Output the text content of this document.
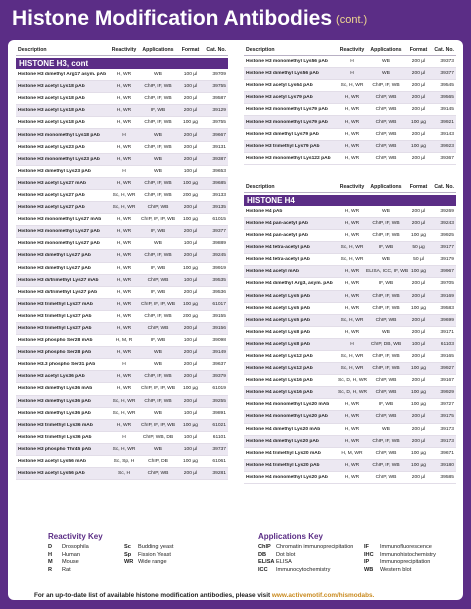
Histone Modification Antibodies (cont.)
Description	Reactivity	Applications	Format	Cat. No.
HISTONE H3, cont
Histone H3 dimethyl Arg17 asym. pAb	H, WR	WB	100 µl	39709
Histone H3 acetyl Lys18 pAb	H, WR	ChIP, IF, WB	100 µl	39755
Histone H3 acetyl Lys18 pAb	H, WR	ChIP, IF, WB	200 µl	39587
Histone H3 acetyl Lys18 pAb	H, WR	IF, WB	200 µl	39129
Histone H3 acetyl Lys18 pAb	H, WR	ChIP, IF, WB	100 µg	39755
Histone H3 monomethyl Lys18 pAb	H	WB	200 µl	39667
Histone H3 acetyl Lys23 pAb	H, WR	ChIP, IF, WB	200 µl	39131
Histone H3 monomethyl Lys23 pAb	H, WR	WB	200 µl	39387
Histone H3 dimethyl Lys23 pAb	H	WB	100 µl	39653
Histone H3 acetyl Lys27 mAb	H, WR	ChIP, IF, WB	100 µg	39685
Histone H3 acetyl Lys27 pAb	Sc, H, WR	ChIP, IF, WB	200 µg	39133
Histone H3 acetyl Lys27 pAb	Sc, H, WR	ChIP, WB	200 µl	39135
Histone H3 monomethyl Lys27 mAb	H, WR	ChIP, IF, IP, WB	100 µg	61015
Histone H3 monomethyl Lys27 pAb	H, WR	IF, WB	200 µl	39377
Histone H3 monomethyl Lys27 pAb	H, WR	WB	100 µl	39889
Histone H3 dimethyl Lys27 pAb	H, WR	ChIP, IF, WB	200 µl	39245
Histone H3 dimethyl Lys27 pAb	H, WR	IF, WB	100 µg	39919
Histone H3 di/trimethyl Lys27 mAb	H, WR	ChIP, WB	100 µl	39535
Histone H3 di/trimethyl Lys27 pAb	H, WR	IF, WB	200 µl	39536
Histone H3 trimethyl Lys27 mAb	H, WR	ChIP, IF, IP, WB	100 µg	61017
Histone H3 trimethyl Lys27 pAb	H, WR	ChIP, IF, WB	200 µg	39155
Histone H3 trimethyl Lys27 pAb	H, WR	ChIP, WB	200 µl	39156
Histone H3 phospho Ser28 mAb	H, M, R	IF, WB	100 µl	39098
Histone H3 phospho Ser28 pAb	H, WR	WB	200 µl	39149
Histone H3.3 phospho Ser31 pAb	H	WB	200 µl	39637
Histone H3 acetyl Lys36 pAb	H, WR	ChIP, IF, WB	200 µl	39379
Histone H3 dimethyl Lys36 mAb	H, WR	ChIP, IF, IP, WB	100 µg	61019
Histone H3 dimethyl Lys36 pAb	Sc, H, WR	ChIP, IF, WB	200 µl	39255
Histone H3 dimethyl Lys36 pAb	Sc, H, WR	WB	100 µl	39891
Histone H3 trimethyl Lys36 mAb	H, WR	ChIP, IF, IP, WB	100 µg	61021
Histone H3 trimethyl Lys36 pAb	H	ChIP, WB, DB	100 µl	61101
Histone H3 phospho Thr45 pAb	Sc, H, WR	WB	100 µl	39737
Histone H3 acetyl Lys56 mAb	Sc, Sp, H	ChIP, DB	100 µg	61061
Histone H3 acetyl Lys56 pAb	Sc, H	ChIP, WB	200 µl	39281
Description	Reactivity	Applications	Format	Cat. No.
Histone H3 monomethyl Lys56 pAb	H	WB	200 µl	39373
Histone H3 dimethyl Lys56 pAb	H	WB	200 µl	39377
Histone H3 acetyl Lys64 pAb	Sc, H, WR	ChIP, IF, WB	200 µl	39545
Histone H3 acetyl Lys79 pAb	H, WR	ChIP, WB	200 µl	39565
Histone H3 monomethyl Lys79 pAb	H, WR	ChIP, WB	200 µl	39145
Histone H3 monomethyl Lys79 pAb	H, WR	ChIP, WB	100 µg	39921
Histone H3 dimethyl Lys79 pAb	H, WR	ChIP, WB	200 µl	39143
Histone H3 trimethyl Lys79 pAb	H, WR	ChIP, WB	100 µg	39923
Histone H3 monomethyl Lys122 pAb	H, WR	ChIP, WB	200 µl	39367
Description	Reactivity	Applications	Format	Cat. No.
HISTONE H4
Histone H4 pAb	H, WR	WB	200 µl	39269
Histone H4 pan-acetyl pAb	H, WR	ChIP, IF, WB	200 µl	39243
Histone H4 pan-acetyl pAb	H, WR	ChIP, IF, WB	100 µg	39925
Histone H4 tetra-acetyl pAb	Sc, H, WR	IF, WB	50 µg	39177
Histone H4 tetra-acetyl pAb	Sc, H, WR	WB	50 µl	39179
Histone H4 acetyl mAb	H, WR	ELISA, ICC, IF, WB 100 µg	39967
Histone H4 dimethyl Arg3, asym. pAb	H, WR	IF, WB	200 µl	39705
Histone H4 acetyl Lys5 pAb	H, WR	ChIP, IF, WB	200 µl	39169
Histone H4 acetyl Lys5 pAb	H, WR	ChIP, IF, WB	100 µg	39583
Histone H4 acetyl Lys5 pAb	Sc, H, WR	ChIP, WB	200 µl	39699
Histone H4 acetyl Lys8 pAb	H, WR	WB	200 µl	39171
Histone H4 acetyl Lys8 pAb	H	ChIP, DB, WB	100 µl	61103
Histone H4 acetyl Lys12 pAb	Sc, H, WR	ChIP, IF, WB	200 µl	39165
Histone H4 acetyl Lys12 pAb	Sc, H, WR	ChIP, IF, WB	100 µg	39927
Histone H4 acetyl Lys16 pAb	Sc, D, H, WR	ChIP, WB	200 µl	39167
Histone H4 acetyl Lys16 pAb	Sc, D, H, WR	ChIP, WB	100 µg	39929
Histone H4 monomethyl Lys20 mAb	H, WR	IF, WB	100 µg	39727
Histone H4 monomethyl Lys20 pAb	H, WR	ChIP, WB	200 µl	39175
Histone H4 dimethyl Lys20 mAb	H, WR	WB	200 µl	39173
Histone H4 dimethyl Lys20 pAb	H, WR	ChIP, IF, WB	200 µl	39173
Histone H4 trimethyl Lys20 mAb	H, M, WR	ChIP, WB	100 µg	39671
Histone H4 trimethyl Lys20 pAb	H, WR	ChIP, IF, WB	100 µg	39180
Histone H4 monomethyl Lys20 pAb	H, WR	ChIP, WB	200 µl	39585
Reactivity Key
D	Drosophila	Sc	Budding yeast
H	Human	Sp	Fission Yeast
M	Mouse	WR Wide range
R	Rat
Applications Key
ChIP Chromatin immunoprecipitation	IF	Immunofluorescence
DB	Dot blot	IHC	Immunohistochemistry
ELISA ELISA	IP	Immunoprecipitation
ICC	Immunocytochemistry	WB	Western blot
For an up-to-date list of available histone modification antibodies, please visit www.activemotif.com/hismodabs.
